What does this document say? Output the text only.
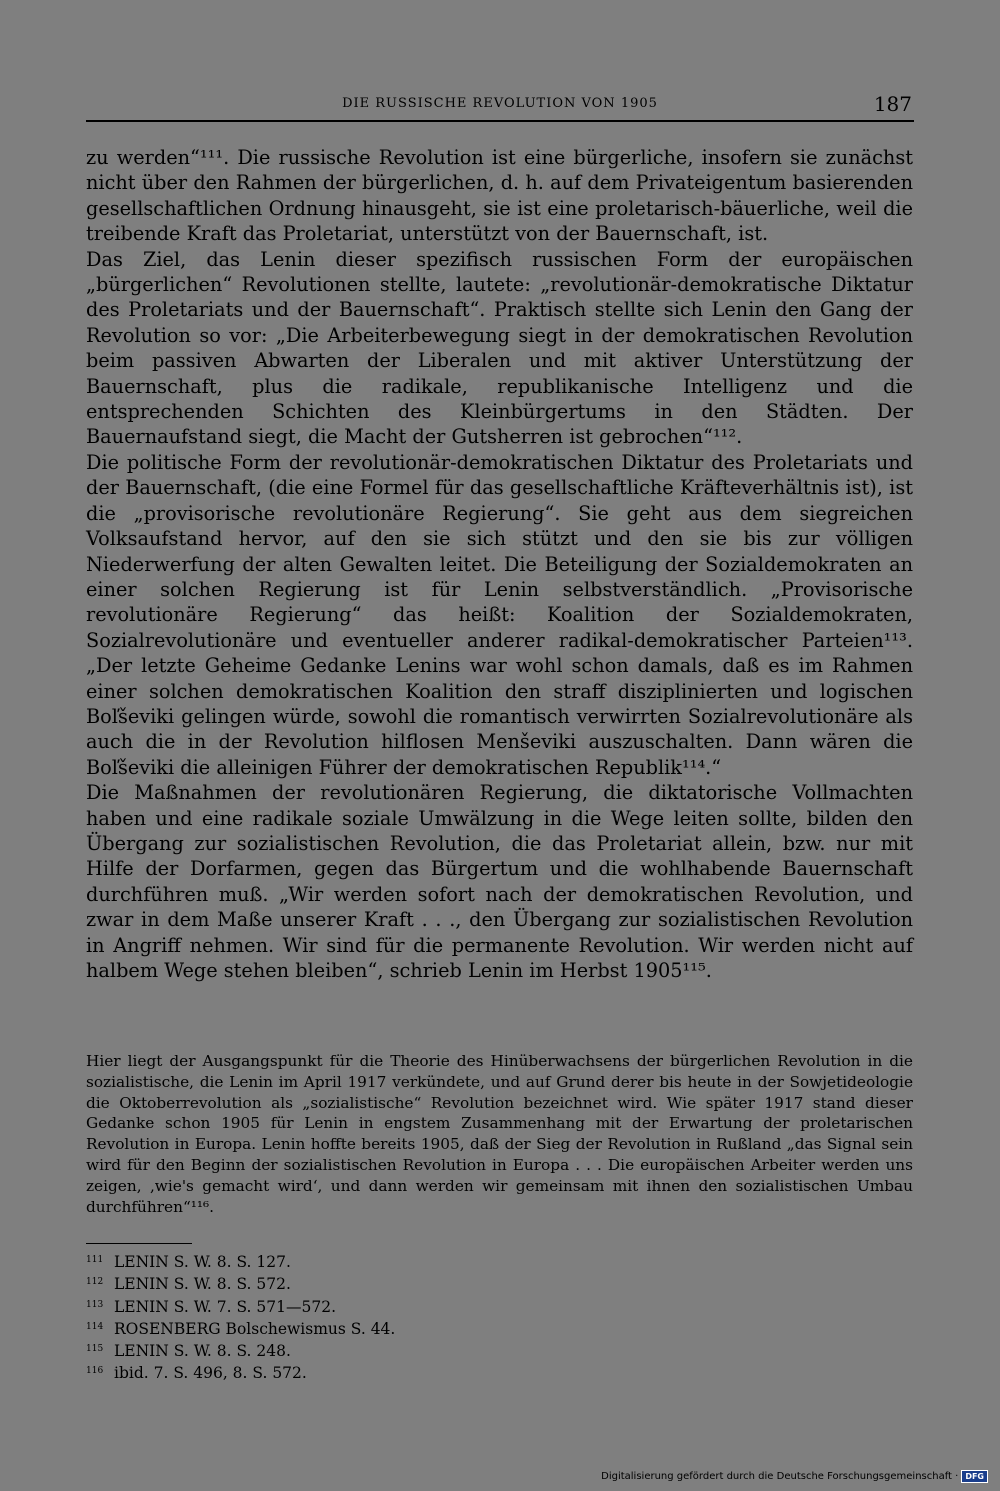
DIE RUSSISCHE REVOLUTION VON 1905	187

zu werden“¹¹¹. Die russische Revolution ist eine bürgerliche, insofern sie zunächst nicht über den Rahmen der bürgerlichen, d. h. auf dem Privateigentum basierenden gesellschaftlichen Ordnung hinausgeht, sie ist eine proletarisch-bäuerliche, weil die treibende Kraft das Proletariat, unterstützt von der Bauernschaft, ist.

Das Ziel, das Lenin dieser spezifisch russischen Form der europäischen „bürgerlichen“ Revolutionen stellte, lautete: „revolutionär-demokratische Diktatur des Proletariats und der Bauernschaft“. Praktisch stellte sich Lenin den Gang der Revolution so vor: „Die Arbeiterbewegung siegt in der demokratischen Revolution beim passiven Abwarten der Liberalen und mit aktiver Unterstützung der Bauernschaft, plus die radikale, republikanische Intelligenz und die entsprechenden Schichten des Kleinbürgertums in den Städten. Der Bauernaufstand siegt, die Macht der Gutsherren ist gebrochen“¹¹².

Die politische Form der revolutionär-demokratischen Diktatur des Proletariats und der Bauernschaft, (die eine Formel für das gesellschaftliche Kräfteverhältnis ist), ist die „provisorische revolutionäre Regierung“. Sie geht aus dem siegreichen Volksaufstand hervor, auf den sie sich stützt und den sie bis zur völligen Niederwerfung der alten Gewalten leitet. Die Beteiligung der Sozialdemokraten an einer solchen Regierung ist für Lenin selbstverständlich. „Provisorische revolutionäre Regierung“ das heißt: Koalition der Sozialdemokraten, Sozialrevolutionäre und eventueller anderer radikal-demokratischer Parteien¹¹³. „Der letzte Geheime Gedanke Lenins war wohl schon damals, daß es im Rahmen einer solchen demokratischen Koalition den straff disziplinierten und logischen Boľševiki gelingen würde, sowohl die romantisch verwirrten Sozialrevolutionäre als auch die in der Revolution hilflosen Menševiki auszuschalten. Dann wären die Boľševiki die alleinigen Führer der demokratischen Republik¹¹⁴.“

Die Maßnahmen der revolutionären Regierung, die diktatorische Vollmachten haben und eine radikale soziale Umwälzung in die Wege leiten sollte, bilden den Übergang zur sozialistischen Revolution, die das Proletariat allein, bzw. nur mit Hilfe der Dorfarmen, gegen das Bürgertum und die wohlhabende Bauernschaft durchführen muß. „Wir werden sofort nach der demokratischen Revolution, und zwar in dem Maße unserer Kraft . . ., den Übergang zur sozialistischen Revolution in Angriff nehmen. Wir sind für die permanente Revolution. Wir werden nicht auf halbem Wege stehen bleiben“, schrieb Lenin im Herbst 1905¹¹⁵.

Hier liegt der Ausgangspunkt für die Theorie des Hinüberwachsens der bürgerlichen Revolution in die sozialistische, die Lenin im April 1917 verkündete, und auf Grund derer bis heute in der Sowjetideologie die Oktoberrevolution als „sozialistische“ Revolution bezeichnet wird. Wie später 1917 stand dieser Gedanke schon 1905 für Lenin in engstem Zusammenhang mit der Erwartung der proletarischen Revolution in Europa. Lenin hoffte bereits 1905, daß der Sieg der Revolution in Rußland „das Signal sein wird für den Beginn der sozialistischen Revolution in Europa . . . Die europäischen Arbeiter werden uns zeigen, ‚wie's gemacht wird‘, und dann werden wir gemeinsam mit ihnen den sozialistischen Umbau durchführen“¹¹⁶.

$^{111}$ LENIN S. W. 8. S. 127.
$^{112}$ LENIN S. W. 8. S. 572.
$^{113}$ LENIN S. W. 7. S. 571—572.
$^{114}$ ROSENBERG Bolschewismus S. 44.
$^{115}$ LENIN S. W. 8. S. 248.
$^{116}$ ibid. 7. S. 496, 8. S. 572.
Digitalisierung gefördert durch die Deutsche Forschungsgemeinschaft · DFG
